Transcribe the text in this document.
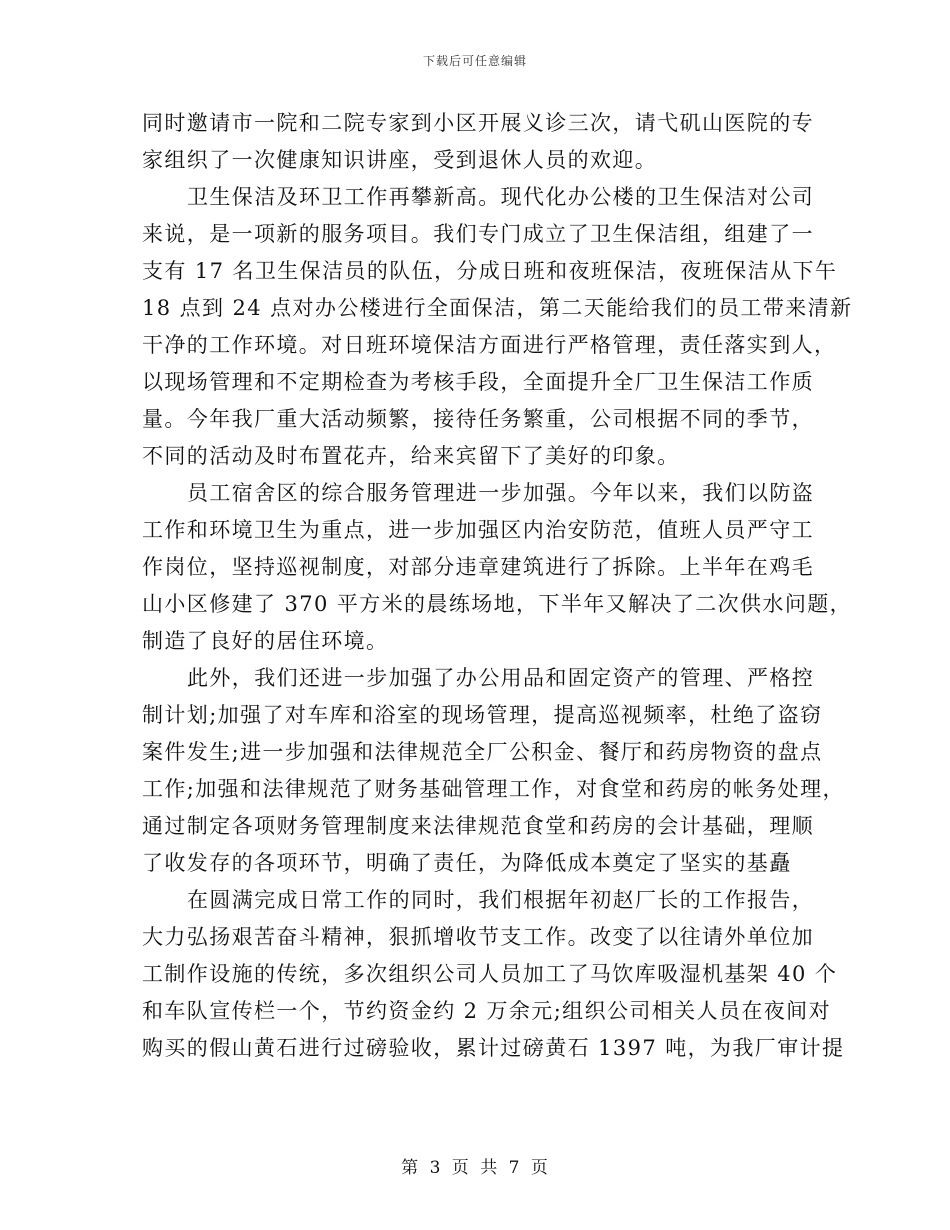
下载后可任意编辑
同时邀请市一院和二院专家到小区开展义诊三次，请弋矶山医院的专
家组织了一次健康知识讲座，受到退休人员的欢迎。
卫生保洁及环卫工作再攀新高。现代化办公楼的卫生保洁对公司
来说，是一项新的服务项目。我们专门成立了卫生保洁组，组建了一
支有 17 名卫生保洁员的队伍，分成日班和夜班保洁，夜班保洁从下午
18 点到 24 点对办公楼进行全面保洁，第二天能给我们的员工带来清新
干净的工作环境。对日班环境保洁方面进行严格管理，责任落实到人，
以现场管理和不定期检查为考核手段，全面提升全厂卫生保洁工作质
量。今年我厂重大活动频繁，接待任务繁重，公司根据不同的季节，
不同的活动及时布置花卉，给来宾留下了美好的印象。
员工宿舍区的综合服务管理进一步加强。今年以来，我们以防盗
工作和环境卫生为重点，进一步加强区内治安防范，值班人员严守工
作岗位，坚持巡视制度，对部分违章建筑进行了拆除。上半年在鸡毛
山小区修建了 370 平方米的晨练场地，下半年又解决了二次供水问题，
制造了良好的居住环境。
此外，我们还进一步加强了办公用品和固定资产的管理、严格控
制计划;加强了对车库和浴室的现场管理，提高巡视频率，杜绝了盗窃
案件发生;进一步加强和法律规范全厂公积金、餐厅和药房物资的盘点
工作;加强和法律规范了财务基础管理工作，对食堂和药房的帐务处理，
通过制定各项财务管理制度来法律规范食堂和药房的会计基础，理顺
了收发存的各项环节，明确了责任，为降低成本奠定了坚实的基矗
在圆满完成日常工作的同时，我们根据年初赵厂长的工作报告，
大力弘扬艰苦奋斗精神，狠抓增收节支工作。改变了以往请外单位加
工制作设施的传统，多次组织公司人员加工了马饮库吸湿机基架 40 个
和车队宣传栏一个，节约资金约 2 万余元;组织公司相关人员在夜间对
购买的假山黄石进行过磅验收，累计过磅黄石 1397 吨，为我厂审计提
第 3 页 共 7 页
